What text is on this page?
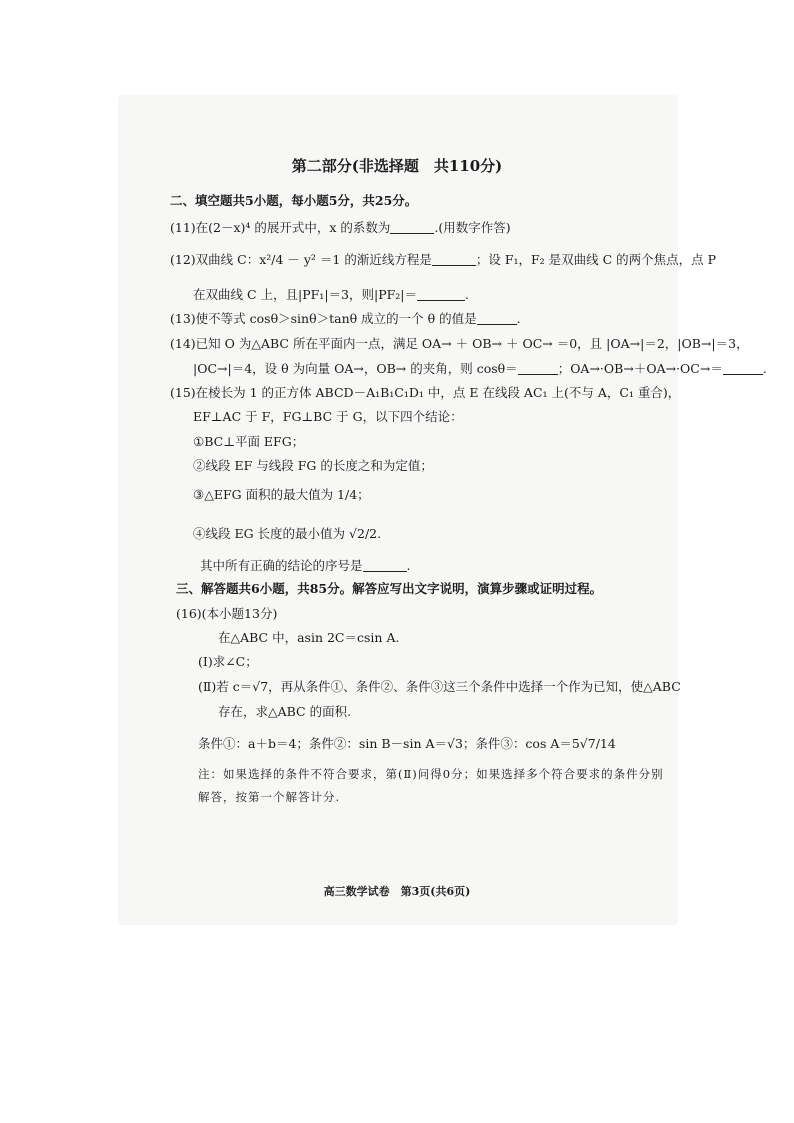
第二部分(非选择题　共110分)
二、填空题共5小题，每小题5分，共25分。
(11)在(2－x)⁴ 的展开式中，x 的系数为	.(用数字作答)
(12)双曲线 C：x²/4 － y² ＝1 的渐近线方程是	；设 F₁，F₂ 是双曲线 C 的两个焦点，点 P
在双曲线 C 上，且|PF₁|＝3，则|PF₂|＝	.
(13)使不等式 cosθ＞sinθ＞tanθ 成立的一个 θ 的值是	.
(14)已知 O 为△ABC 所在平面内一点，满足 OA→ ＋ OB→ ＋ OC→ ＝0，且 |OA→|＝2，|OB→|＝3，
|OC→|＝4，设 θ 为向量 OA→，OB→ 的夹角，则 cosθ＝	；OA→·OB→＋OA→·OC→＝	.
(15)在棱长为 1 的正方体 ABCD－A₁B₁C₁D₁ 中，点 E 在线段 AC₁ 上(不与 A，C₁ 重合)，
EF⊥AC 于 F，FG⊥BC 于 G，以下四个结论：
①BC⊥平面 EFG；
②线段 EF 与线段 FG 的长度之和为定值；
③△EFG 面积的最大值为 1/4；
④线段 EG 长度的最小值为 √2/2.
其中所有正确的结论的序号是	.
三、解答题共6小题，共85分。解答应写出文字说明，演算步骤或证明过程。
(16)(本小题13分)
在△ABC 中，asin 2C＝csin A.
(Ⅰ)求∠C；
(Ⅱ)若 c＝√7，再从条件①、条件②、条件③这三个条件中选择一个作为已知，使△ABC
存在，求△ABC 的面积.
条件①：a＋b＝4；条件②：sin B－sin A＝√3；条件③：cos A＝5√7/14
注：如果选择的条件不符合要求，第(Ⅱ)问得0分；如果选择多个符合要求的条件分别
解答，按第一个解答计分.
高三数学试卷　第3页(共6页)
